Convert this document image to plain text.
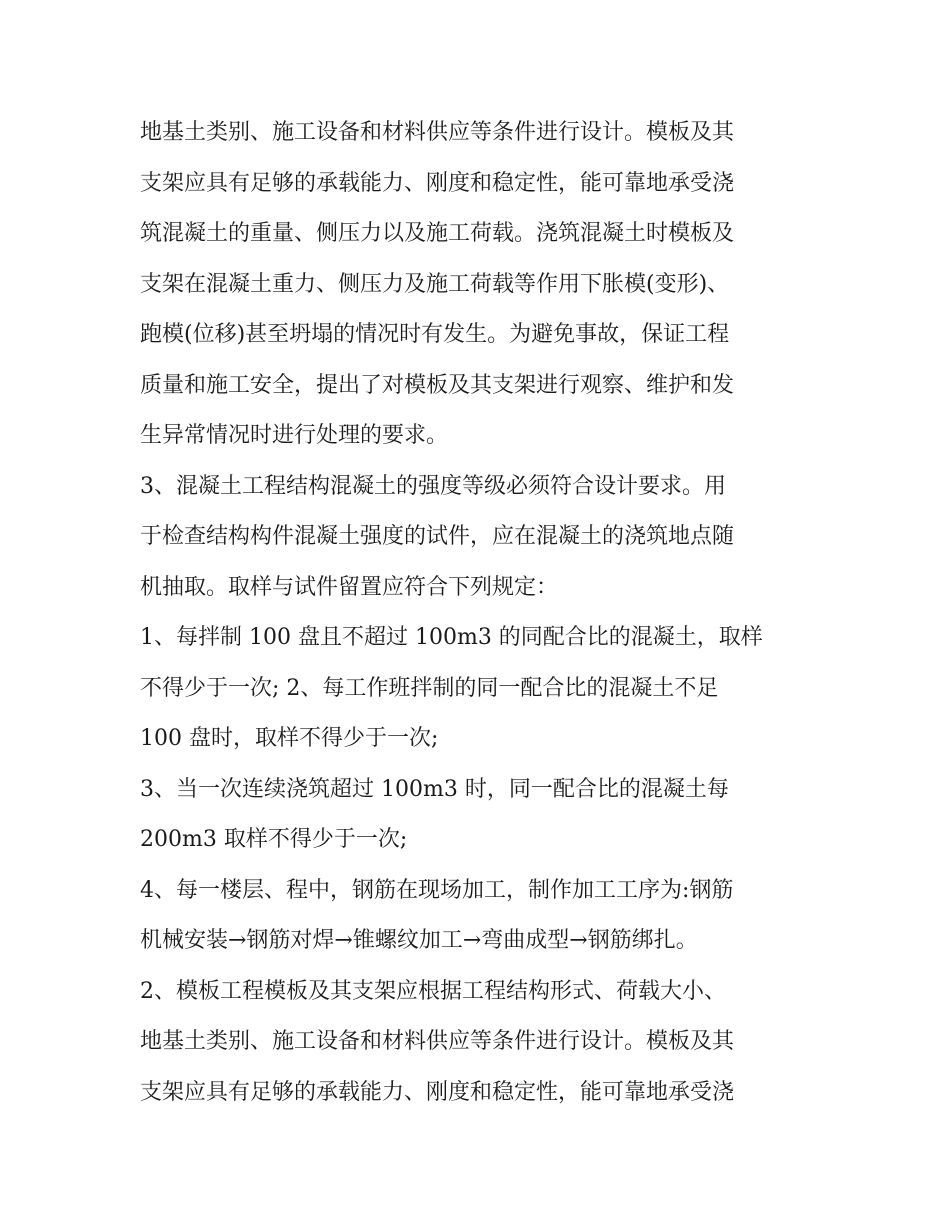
地基土类别、施工设备和材料供应等条件进行设计。模板及其
支架应具有足够的承载能力、刚度和稳定性，能可靠地承受浇
筑混凝土的重量、侧压力以及施工荷载。浇筑混凝土时模板及
支架在混凝土重力、侧压力及施工荷载等作用下胀模(变形)、
跑模(位移)甚至坍塌的情况时有发生。为避免事故，保证工程
质量和施工安全，提出了对模板及其支架进行观察、维护和发
生异常情况时进行处理的要求。
3、混凝土工程结构混凝土的强度等级必须符合设计要求。用
于检查结构构件混凝土强度的试件，应在混凝土的浇筑地点随
机抽取。取样与试件留置应符合下列规定：
1、每拌制 100 盘且不超过 100m3 的同配合比的混凝土，取样
不得少于一次; 2、每工作班拌制的同一配合比的混凝土不足
100 盘时，取样不得少于一次;
3、当一次连续浇筑超过 100m3 时，同一配合比的混凝土每
200m3 取样不得少于一次;
4、每一楼层、程中，钢筋在现场加工，制作加工工序为:钢筋
机械安装→钢筋对焊→锥螺纹加工→弯曲成型→钢筋绑扎。
2、模板工程模板及其支架应根据工程结构形式、荷载大小、
地基土类别、施工设备和材料供应等条件进行设计。模板及其
支架应具有足够的承载能力、刚度和稳定性，能可靠地承受浇
